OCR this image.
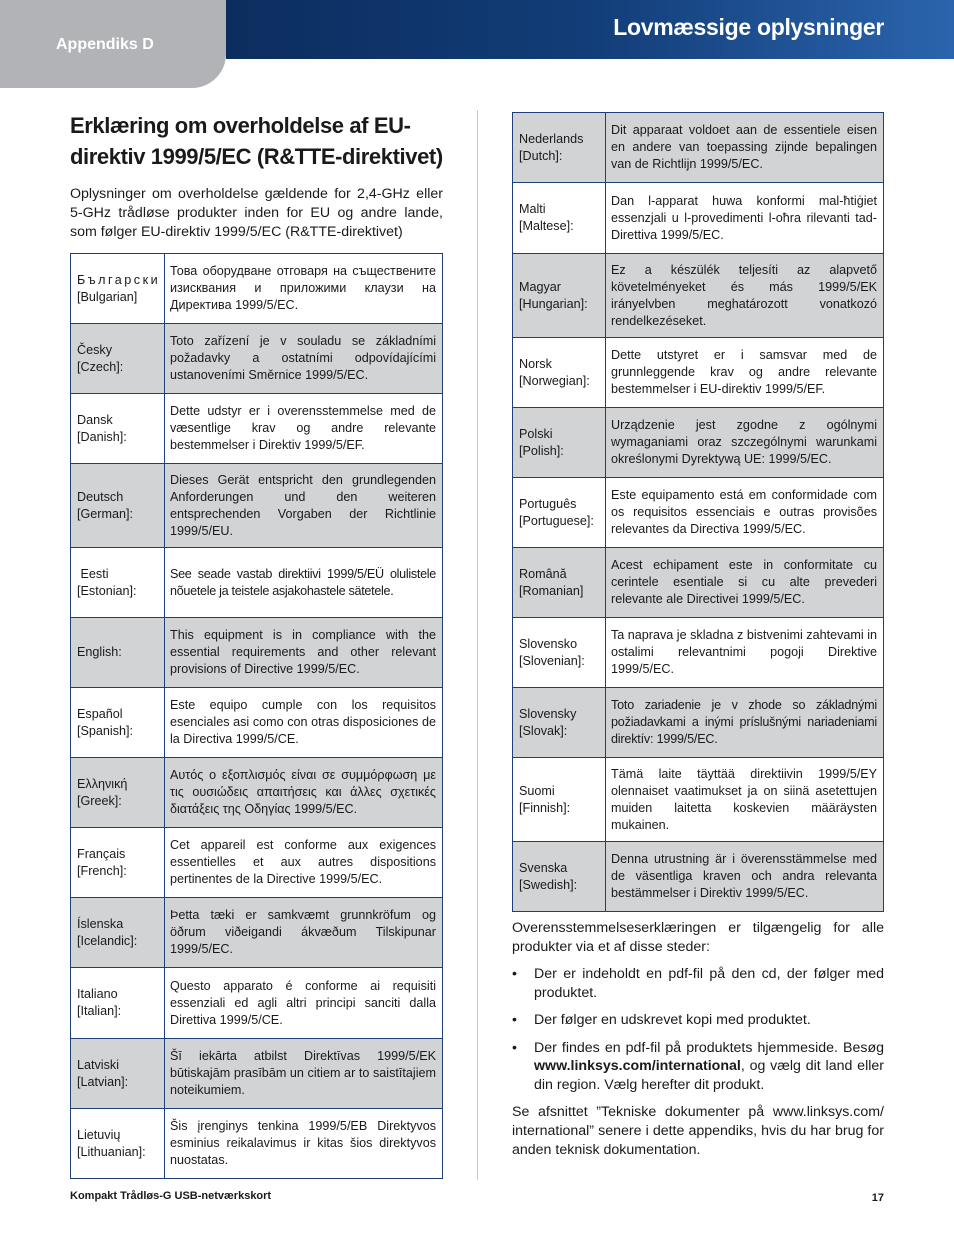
Appendiks D
Lovmæssige oplysninger
Erklæring om overholdelse af EU-direktiv 1999/5/EC (R&TTE-direktivet)

Oplysninger om overholdelse gældende for 2,4-GHz eller 5-GHz trådløse produkter inden for EU og andre lande, som følger EU-direktiv 1999/5/EC (R&TTE-direktivet)

Български
[Bulgarian]	Това оборудване отговаря на съществените изисквания и приложими клаузи на Директива 1999/5/ЕС.
Česky
[Czech]:	Toto zařízení je v souladu se základními požadavky a ostatními odpovídajícími ustanoveními Směrnice 1999/5/EC.
Dansk
[Danish]:	Dette udstyr er i overensstemmelse med de væsentlige krav og andre relevante bestemmelser i Direktiv 1999/5/EF.
Deutsch
[German]:	Dieses Gerät entspricht den grundlegenden Anforderungen und den weiteren entsprechenden Vorgaben der Richtlinie 1999/5/EU.
Eesti
[Estonian]:	See seade vastab direktiivi 1999/5/EÜ olulistele nõuetele ja teistele asjakohastele sätetele.
English:	This equipment is in compliance with the essential requirements and other relevant provisions of Directive 1999/5/EC.
Español
[Spanish]:	Este equipo cumple con los requisitos esenciales asi como con otras disposiciones de la Directiva 1999/5/CE.
Ελληνική
[Greek]:	Αυτός ο εξοπλισμός είναι σε συμμόρφωση με τις ουσιώδεις απαιτήσεις και άλλες σχετικές διατάξεις της Οδηγίας 1999/5/EC.
Français
[French]:	Cet appareil est conforme aux exigences essentielles et aux autres dispositions pertinentes de la Directive 1999/5/EC.
Íslenska
[Icelandic]:	Þetta tæki er samkvæmt grunnkröfum og öðrum viðeigandi ákvæðum Tilskipunar 1999/5/EC.
Italiano
[Italian]:	Questo apparato é conforme ai requisiti essenziali ed agli altri principi sanciti dalla Direttiva 1999/5/CE.
Latviski
[Latvian]:	Šī iekārta atbilst Direktīvas 1999/5/EK būtiskajām prasībām un citiem ar to saistītajiem noteikumiem.
Lietuvių
[Lithuanian]:	Šis įrenginys tenkina 1999/5/EB Direktyvos esminius reikalavimus ir kitas šios direktyvos nuostatas.
Nederlands
[Dutch]:	Dit apparaat voldoet aan de essentiele eisen en andere van toepassing zijnde bepalingen van de Richtlijn 1999/5/EC.
Malti
[Maltese]:	Dan l-apparat huwa konformi mal-ħtiġiet essenzjali u l-provedimenti l-oħra rilevanti tad-Direttiva 1999/5/EC.
Magyar
[Hungarian]:	Ez a készülék teljesíti az alapvető követelményeket és más 1999/5/EK irányelvben meghatározott vonatkozó rendelkezéseket.
Norsk
[Norwegian]:	Dette utstyret er i samsvar med de grunnleggende krav og andre relevante bestemmelser i EU-direktiv 1999/5/EF.
Polski
[Polish]:	Urządzenie jest zgodne z ogólnymi wymaganiami oraz szczególnymi warunkami określonymi Dyrektywą UE: 1999/5/EC.
Português
[Portuguese]:	Este equipamento está em conformidade com os requisitos essenciais e outras provisões relevantes da Directiva 1999/5/EC.
Română
[Romanian]	Acest echipament este in conformitate cu cerintele esentiale si cu alte prevederi relevante ale Directivei 1999/5/EC.
Slovensko
[Slovenian]:	Ta naprava je skladna z bistvenimi zahtevami in ostalimi relevantnimi pogoji Direktive 1999/5/EC.
Slovensky
[Slovak]:	Toto zariadenie je v zhode so základnými požiadavkami a inými príslušnými nariadeniami direktív: 1999/5/EC.
Suomi
[Finnish]:	Tämä laite täyttää direktiivin 1999/5/EY olennaiset vaatimukset ja on siinä asetettujen muiden laitetta koskevien määräysten mukainen.
Svenska
[Swedish]:	Denna utrustning är i överensstämmelse med de väsentliga kraven och andra relevanta bestämmelser i Direktiv 1999/5/EC.

Overensstemmelseserklæringen er tilgængelig for alle produkter via et af disse steder:

• Der er indeholdt en pdf-fil på den cd, der følger med produktet.
• Der følger en udskrevet kopi med produktet.
• Der findes en pdf-fil på produktets hjemmeside. Besøg www.linksys.com/international, og vælg dit land eller din region. Vælg herefter dit produkt.

Se afsnittet ”Tekniske dokumenter på www.linksys.com/ international” senere i dette appendiks, hvis du har brug for anden teknisk dokumentation.

Kompakt Trådløs-G USB-netværkskort	17
